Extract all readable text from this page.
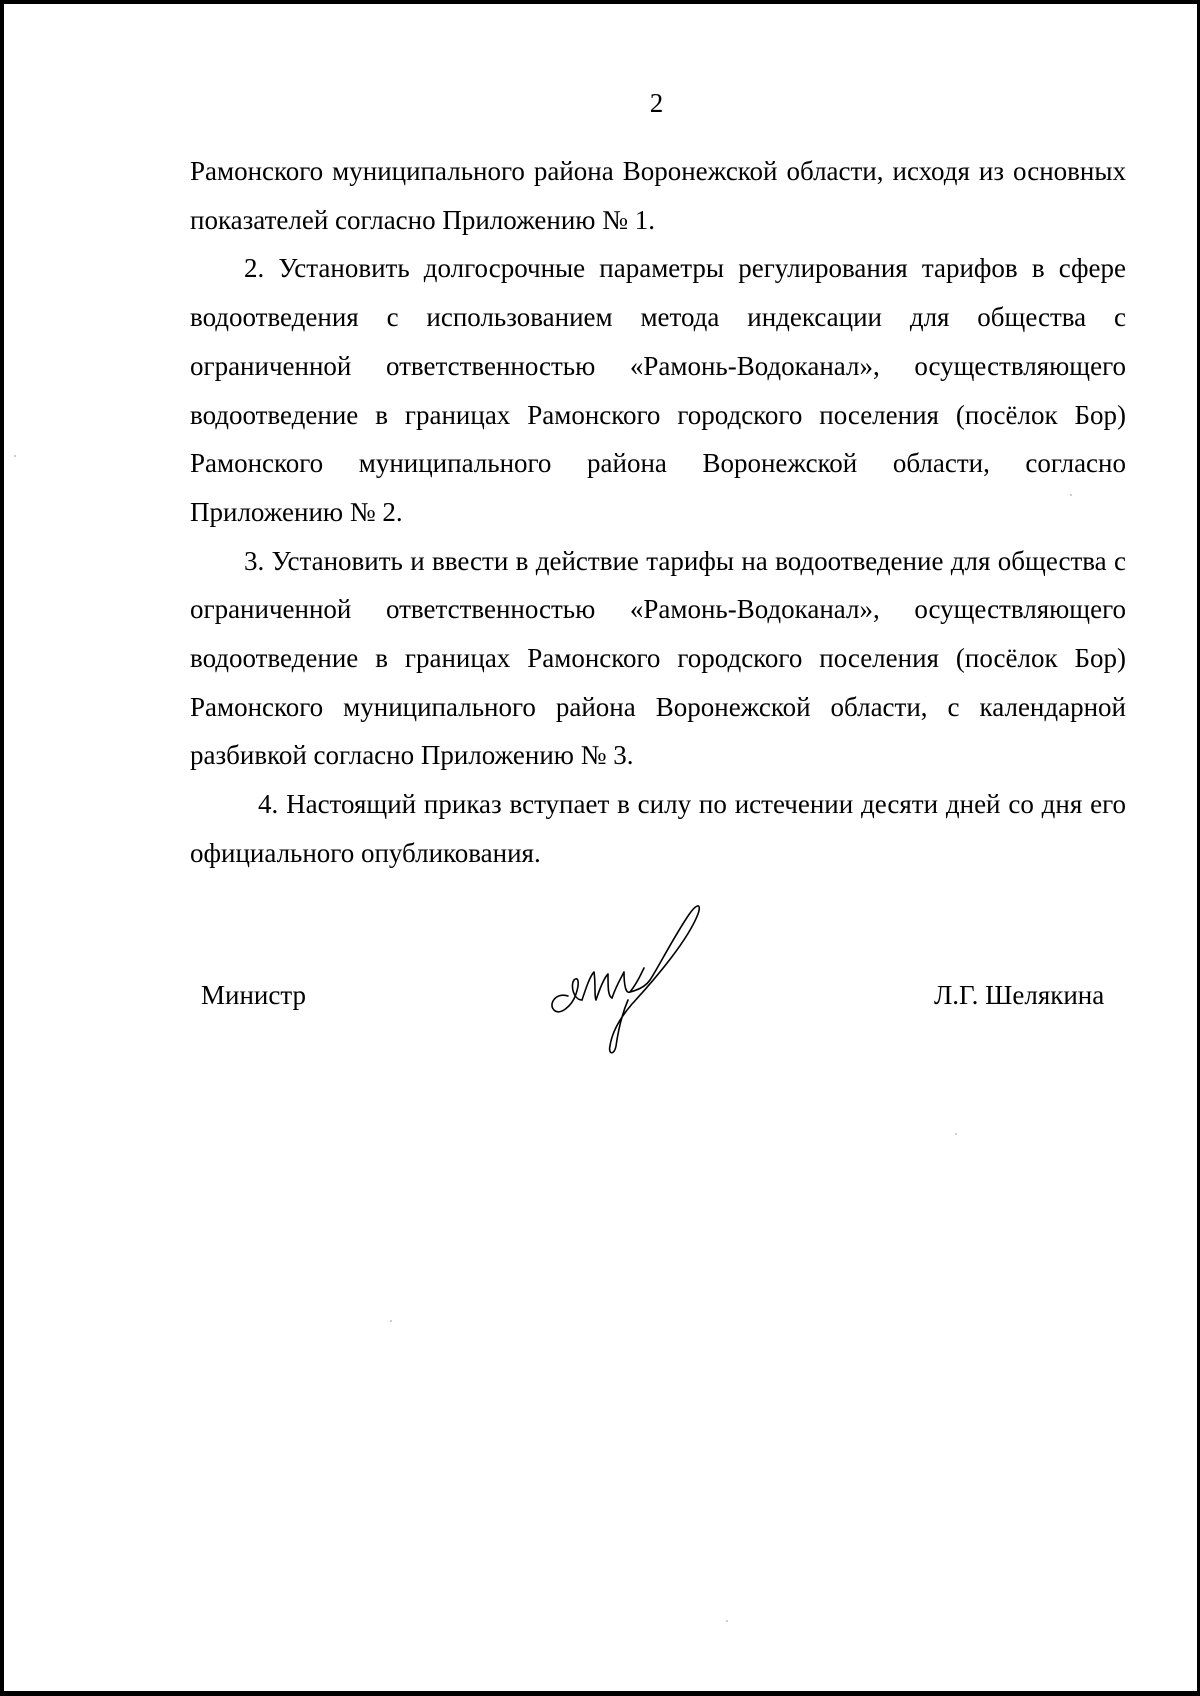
2

Рамонского муниципального района Воронежской области, исходя из основных показателей согласно Приложению № 1.

2. Установить долгосрочные параметры регулирования тарифов в сфере водоотведения с использованием метода индексации для общества с ограниченной ответственностью «Рамонь-Водоканал», осуществляющего водоотведение в границах Рамонского городского поселения (посёлок Бор) Рамонского муниципального района Воронежской области, согласно Приложению № 2.

3. Установить и ввести в действие тарифы на водоотведение для общества с ограниченной ответственностью «Рамонь-Водоканал», осуществляющего водоотведение в границах Рамонского городского поселения (посёлок Бор) Рамонского муниципального района Воронежской области, с календарной разбивкой согласно Приложению № 3.

4. Настоящий приказ вступает в силу по истечении десяти дней со дня его официального опубликования.

Министр	Л.Г. Шелякина
